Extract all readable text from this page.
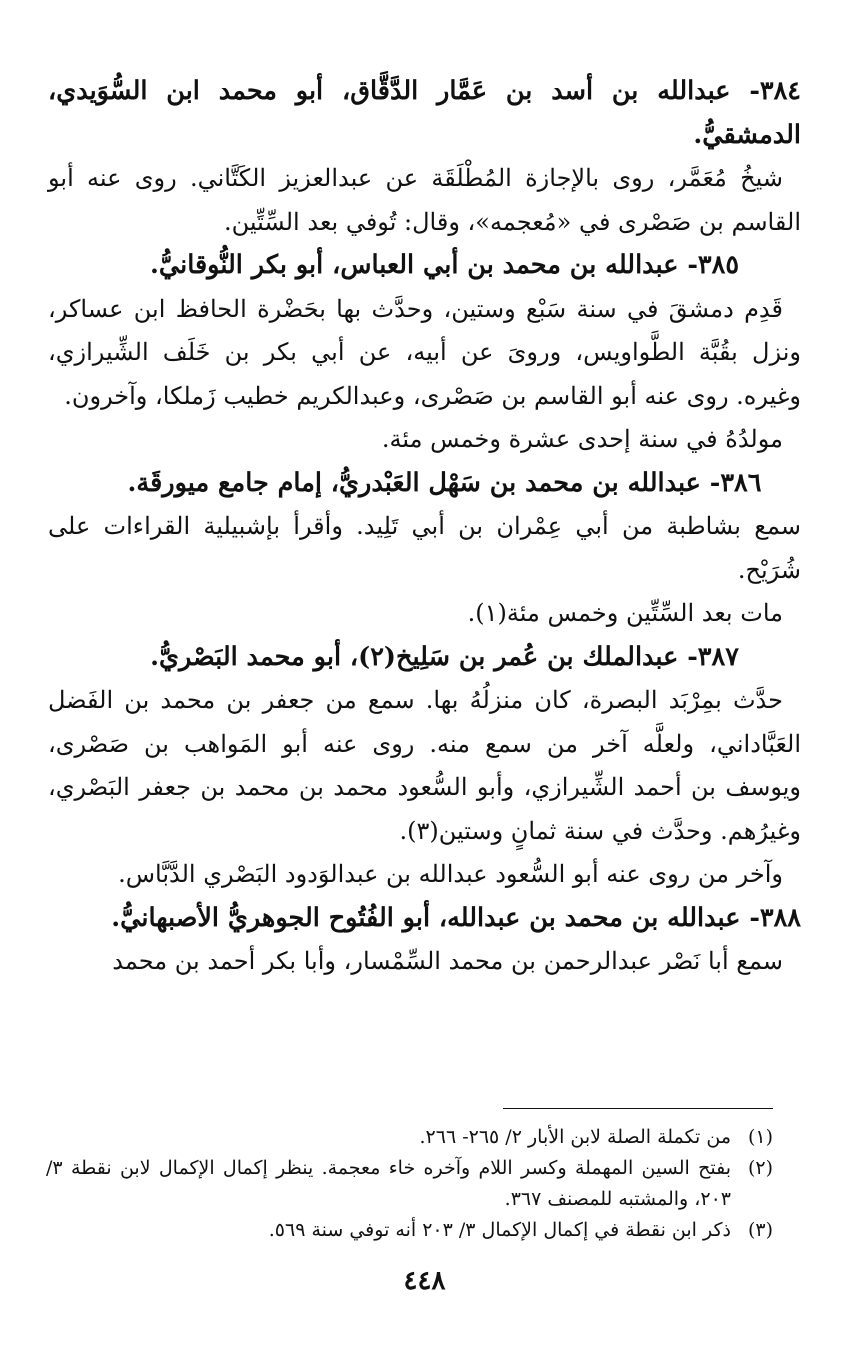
٣٨٤- عبدالله بن أسد بن عَمَّار الدَّقَّاق، أبو محمد ابن السُّوَيدي، الدمشقيُّ.

شيخُ مُعَمَّر، روى بالإجازة المُطْلَقَة عن عبدالعزيز الكَتَّاني. روى عنه أبو القاسم بن صَصْرى في «مُعجمه»، وقال: تُوفي بعد السِّتِّين.

٣٨٥- عبدالله بن محمد بن أبي العباس، أبو بكر النُّوقانيُّ.

قَدِم دمشقَ في سنة سَبْع وستين، وحدَّث بها بحَضْرة الحافظ ابن عساكر، ونزل بقُبَّة الطَّواويس، وروىَ عن أبيه، عن أبي بكر بن خَلَف الشِّيرازي، وغيره. روى عنه أبو القاسم بن صَصْرى، وعبدالكريم خطيب زَملكا، وآخرون.

مولدُهُ في سنة إحدى عشرة وخمس مئة.

٣٨٦- عبدالله بن محمد بن سَهْل العَبْدريُّ، إمام جامع ميورقَة.

سمع بشاطبة من أبي عِمْران بن أبي تَلِيد. وأقرأ بإشبيلية القراءات على شُرَيْح.

مات بعد السِّتِّين وخمس مئة(١).

٣٨٧- عبدالملك بن عُمر بن سَلِيخ(٢)، أبو محمد البَصْريُّ.

حدَّث بمِرْبَد البصرة، كان منزلُهُ بها. سمع من جعفر بن محمد بن الفَضل العَبَّاداني، ولعلَّه آخر من سمع منه. روى عنه أبو المَواهب بن صَصْرى، ويوسف بن أحمد الشِّيرازي، وأبو السُّعود محمد بن محمد بن جعفر البَصْري، وغيرُهم. وحدَّث في سنة ثمانٍ وستين(٣).

وآخر من روى عنه أبو السُّعود عبدالله بن عبدالوَدود البَصْري الدَّبَّاس.

٣٨٨- عبدالله بن محمد بن عبدالله، أبو الفُتُوح الجوهريُّ الأصبهانيُّ.

سمع أبا نَصْر عبدالرحمن بن محمد السِّمْسار، وأبا بكر أحمد بن محمد

(١)
من تكملة الصلة لابن الأبار ٢/ ٢٦٥- ٢٦٦.
(٢)
بفتح السين المهملة وكسر اللام وآخره خاء معجمة. ينظر إكمال الإكمال لابن نقطة ٣/ ٢٠٣، والمشتبه للمصنف ٣٦٧.
(٣)
ذكر ابن نقطة في إكمال الإكمال ٣/ ٢٠٣ أنه توفي سنة ٥٦٩.
٤٤٨
